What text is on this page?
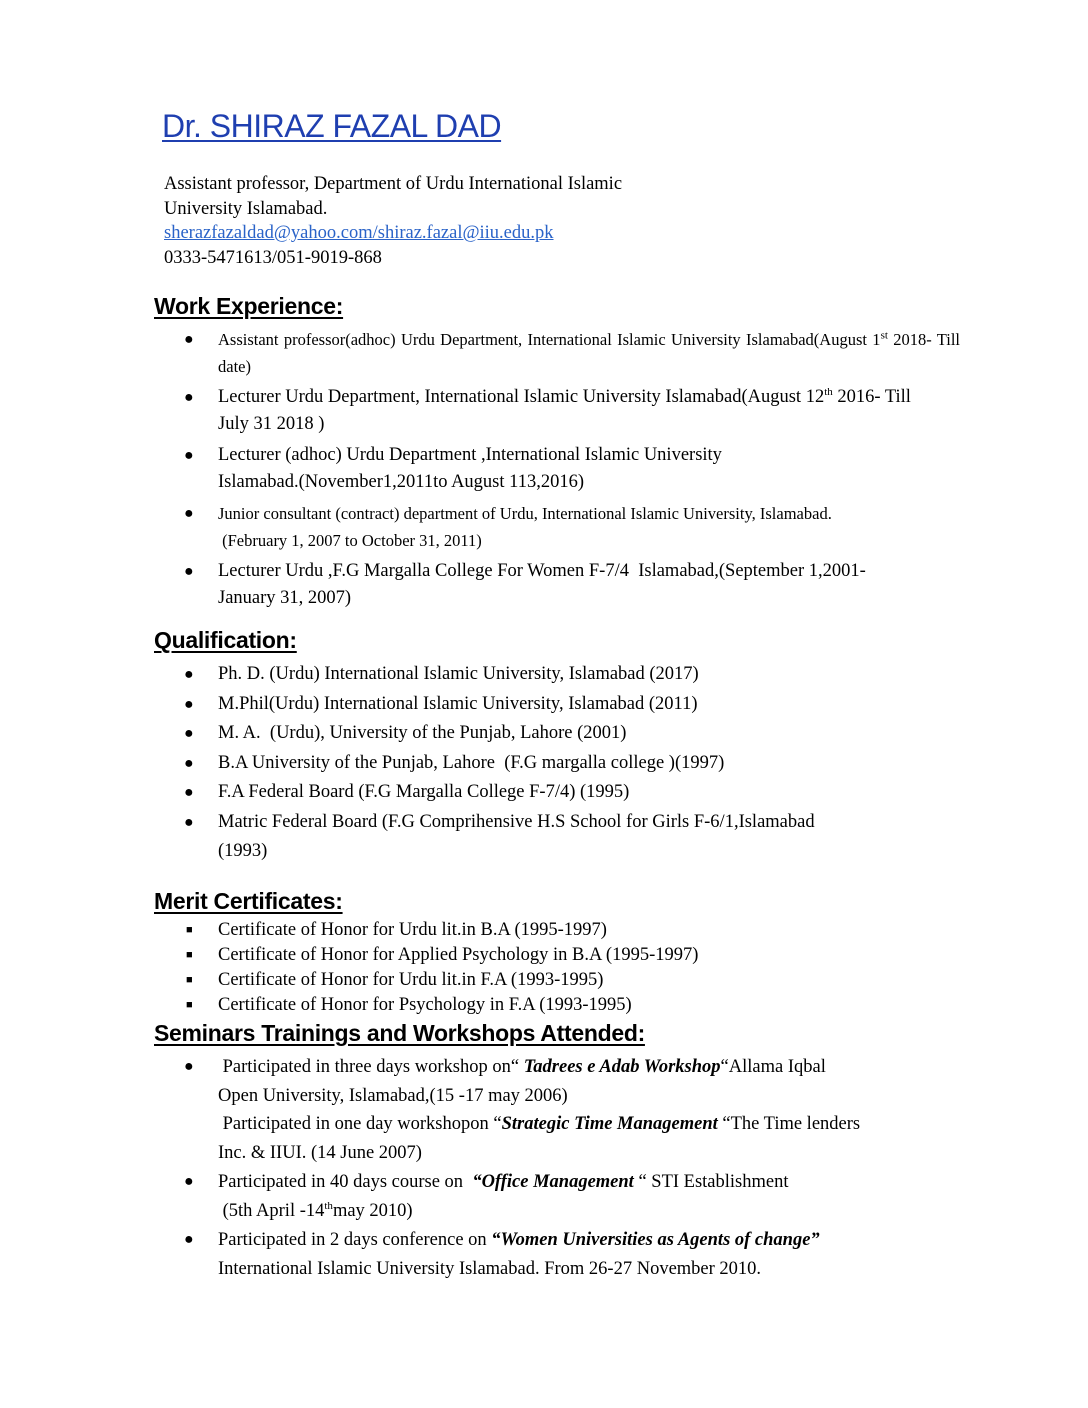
Dr. SHIRAZ FAZAL DAD
Assistant professor, Department of Urdu International Islamic
University Islamabad.
sherazfazaldad@yahoo.com/shiraz.fazal@iiu.edu.pk
0333-5471613/051-9019-868
Work Experience:
● Assistant professor(adhoc) Urdu Department, International Islamic University Islamabad(August 1st 2018- Till date)
● Lecturer Urdu Department, International Islamic University Islamabad(August 12th 2016- Till July 31 2018 )
● Lecturer (adhoc) Urdu Department ,International Islamic University
Islamabad.(November1,2011to August 113,2016)
● Junior consultant (contract) department of Urdu, International Islamic University, Islamabad.
(February 1, 2007 to October 31, 2011)
● Lecturer Urdu ,F.G Margalla College For Women F-7/4  Islamabad,(September 1,2001-
January 31, 2007)
Qualification:
● Ph. D. (Urdu) International Islamic University, Islamabad (2017)
● M.Phil(Urdu) International Islamic University, Islamabad (2011)
● M. A.  (Urdu), University of the Punjab, Lahore (2001)
● B.A University of the Punjab, Lahore  (F.G margalla college )(1997)
● F.A Federal Board (F.G Margalla College F-7/4) (1995)
● Matric Federal Board (F.G Comprihensive H.S School for Girls F-6/1,Islamabad
(1993)
Merit Certificates:
■ Certificate of Honor for Urdu lit.in B.A (1995-1997)
■ Certificate of Honor for Applied Psychology in B.A (1995-1997)
■ Certificate of Honor for Urdu lit.in F.A (1993-1995)
■ Certificate of Honor for Psychology in F.A (1993-1995)
Seminars Trainings and Workshops Attended:
● Participated in three days workshop on“ Tadrees e Adab Workshop“Allama Iqbal
Open University, Islamabad,(15 -17 may 2006)
Participated in one day workshopon “Strategic Time Management “The Time lenders
Inc. & IIUI. (14 June 2007)
● Participated in 40 days course on  “Office Management “ STI Establishment
(5th April -14thmay 2010)
● Participated in 2 days conference on “Women Universities as Agents of change”
International Islamic University Islamabad. From 26-27 November 2010.
